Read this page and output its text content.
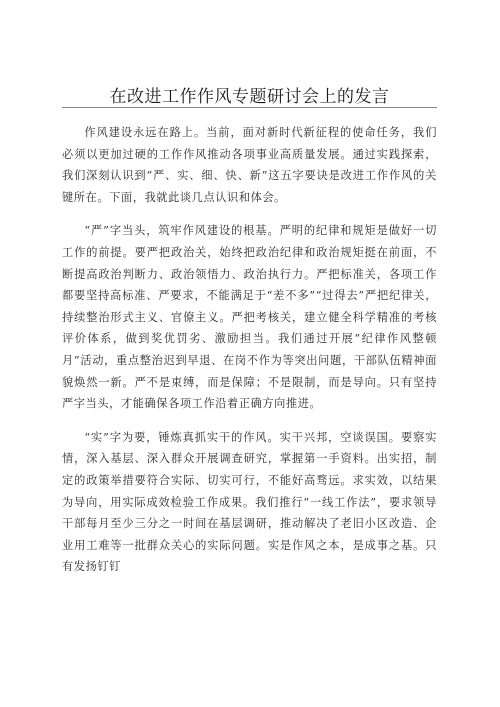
在改进工作作风专题研讨会上的发言

作风建设永远在路上。当前，面对新时代新征程的使命任务，我们必须以更加过硬的工作作风推动各项事业高质量发展。通过实践探索，我们深刻认识到“严、实、细、快、新”这五字要诀是改进工作作风的关键所在。下面，我就此谈几点认识和体会。

“严”字当头，筑牢作风建设的根基。严明的纪律和规矩是做好一切工作的前提。要严把政治关，始终把政治纪律和政治规矩挺在前面，不断提高政治判断力、政治领悟力、政治执行力。严把标准关，各项工作都要坚持高标准、严要求，不能满足于“差不多”“过得去”严把纪律关，持续整治形式主义、官僚主义。严把考核关，建立健全科学精准的考核评价体系，做到奖优罚劣、激励担当。我们通过开展“纪律作风整顿月”活动，重点整治迟到早退、在岗不作为等突出问题，干部队伍精神面貌焕然一新。严不是束缚，而是保障；不是限制，而是导向。只有坚持严字当头，才能确保各项工作沿着正确方向推进。

“实”字为要，锤炼真抓实干的作风。实干兴邦，空谈误国。要察实情，深入基层、深入群众开展调查研究，掌握第一手资料。出实招，制定的政策举措要符合实际、切实可行，不能好高骛远。求实效，以结果为导向，用实际成效检验工作成果。我们推行“一线工作法”，要求领导干部每月至少三分之一时间在基层调研，推动解决了老旧小区改造、企业用工难等一批群众关心的实际问题。实是作风之本，是成事之基。只有发扬钉钉
